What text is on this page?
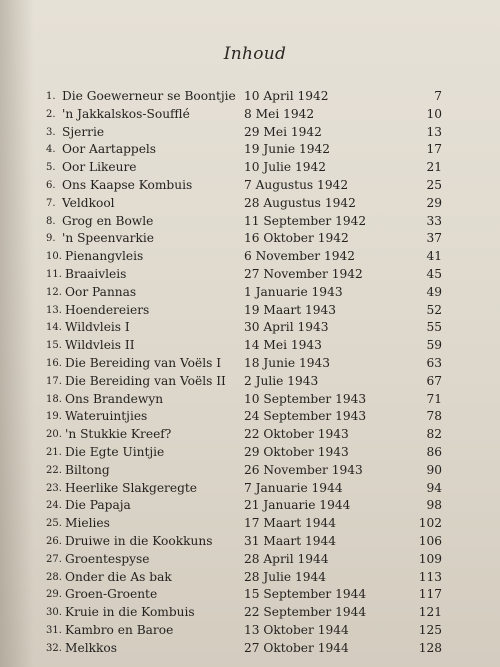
Inhoud
1. Die Goewerneur se Boontjie 10 April 1942	7
2. 'n Jakkalskos-Soufflé	8 Mei 1942	10
3. Sjerrie	29 Mei 1942	13
4. Oor Aartappels	19 Junie 1942	17
5. Oor Likeure	10 Julie 1942	21
6. Ons Kaapse Kombuis	7 Augustus 1942	25
7. Veldkool	28 Augustus 1942	29
8. Grog en Bowle	11 September 1942	33
9. 'n Speenvarkie	16 Oktober 1942	37
10. Pienangvleis	6 November 1942	41
11. Braaivleis	27 November 1942	45
12. Oor Pannas	1 Januarie 1943	49
13. Hoendereiers	19 Maart 1943	52
14. Wildvleis I	30 April 1943	55
15. Wildvleis II	14 Mei 1943	59
16. Die Bereiding van Voëls I 18 Junie 1943	63
17. Die Bereiding van Voëls II 2 Julie 1943	67
18. Ons Brandewyn	10 September 1943	71
19. Wateruintjies	24 September 1943	78
20. 'n Stukkie Kreef?	22 Oktober 1943	82
21. Die Egte Uintjie	29 Oktober 1943	86
22. Biltong	26 November 1943	90
23. Heerlike Slakgeregte	7 Januarie 1944	94
24. Die Papaja	21 Januarie 1944	98
25. Mielies	17 Maart 1944	102
26. Druiwe in die Kookkuns	31 Maart 1944	106
27. Groentespyse	28 April 1944	109
28. Onder die As bak	28 Julie 1944	113
29. Groen-Groente	15 September 1944	117
30. Kruie in die Kombuis	22 September 1944	121
31. Kambro en Baroe	13 Oktober 1944	125
32. Melkkos	27 Oktober 1944	128
